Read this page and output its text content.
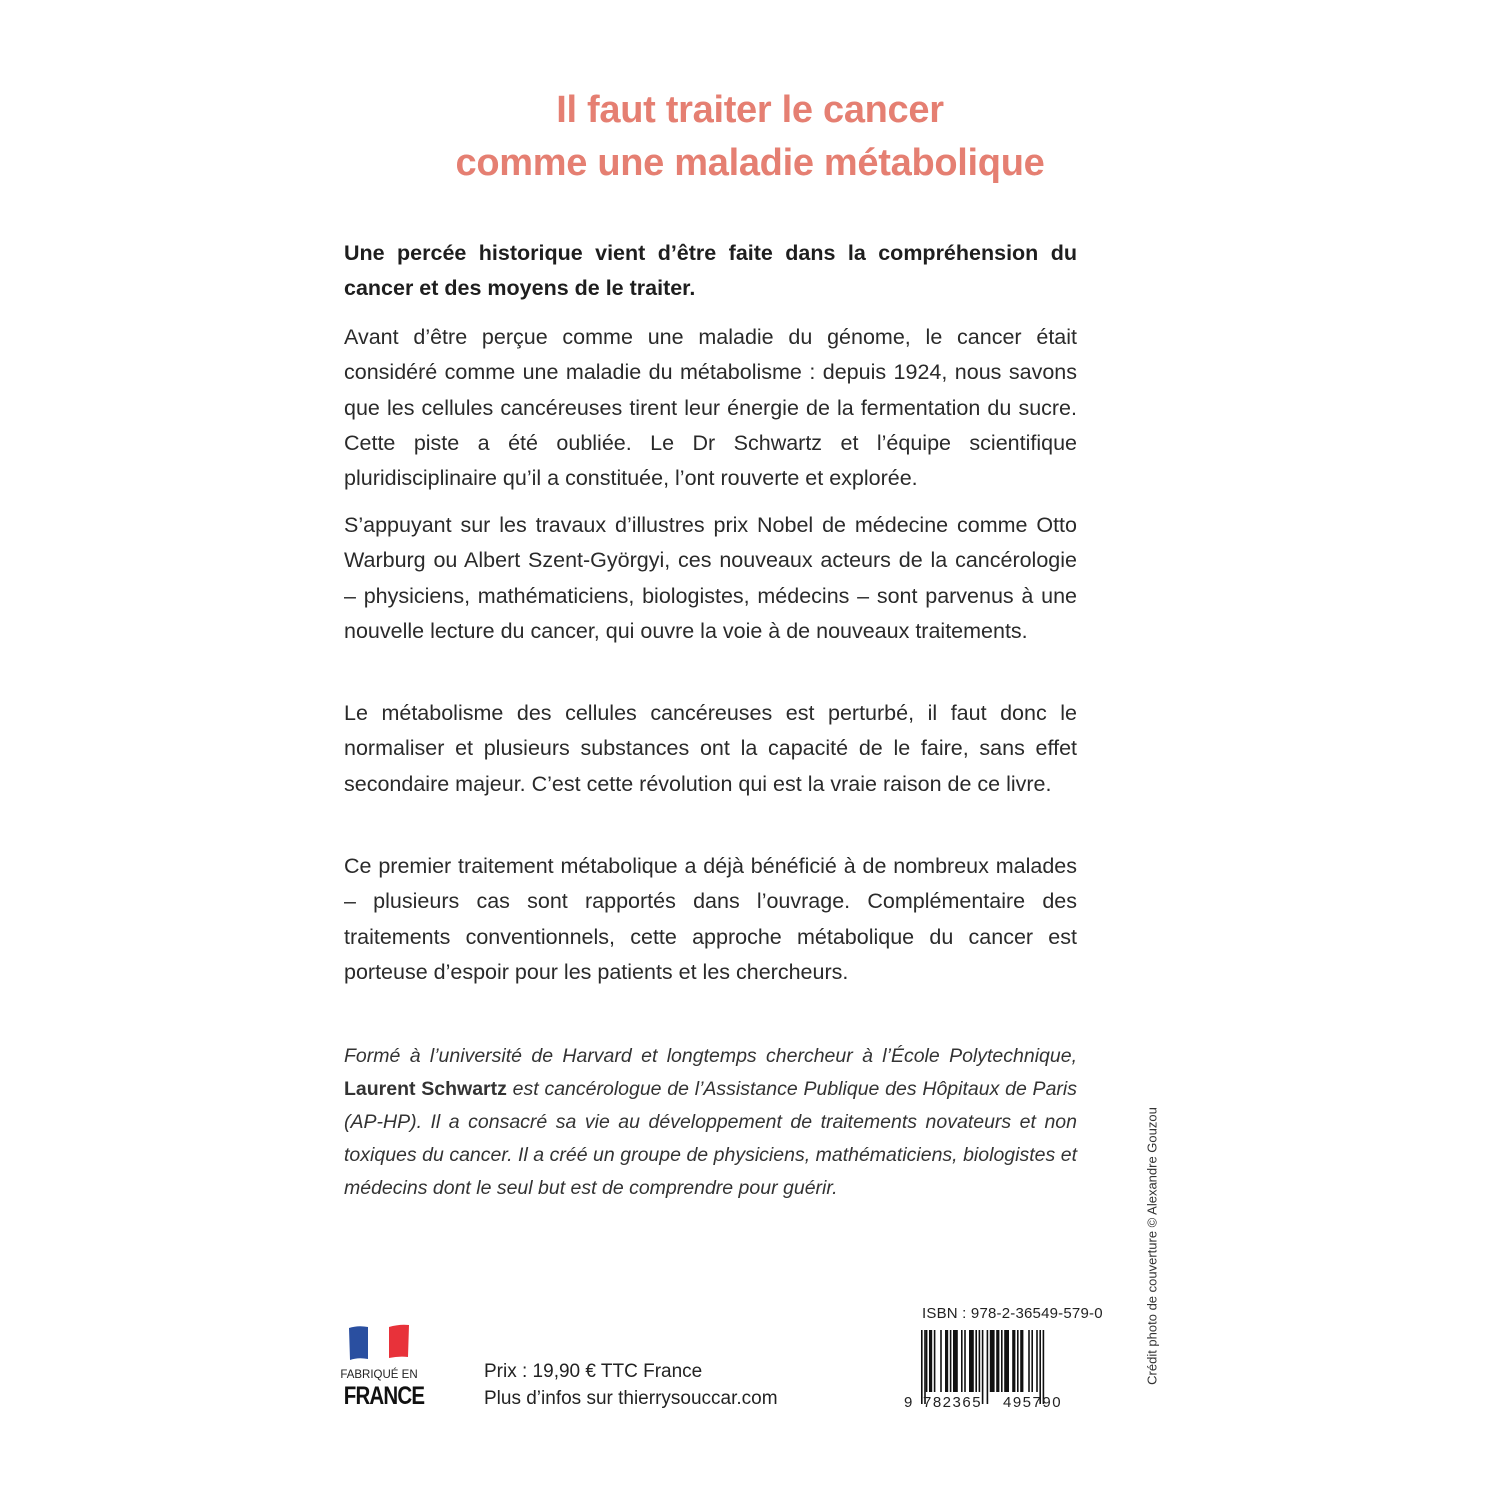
Il faut traiter le cancer
comme une maladie métabolique

Une percée historique vient d’être faite dans la compréhension du cancer et des moyens de le traiter.

Avant d’être perçue comme une maladie du génome, le cancer était considéré comme une maladie du métabolisme : depuis 1924, nous savons que les cellules cancéreuses tirent leur énergie de la fermentation du sucre. Cette piste a été oubliée. Le Dr Schwartz et l’équipe scientifique pluridisciplinaire qu’il a constituée, l’ont rouverte et explorée.

S’appuyant sur les travaux d’illustres prix Nobel de médecine comme Otto Warburg ou Albert Szent-Györgyi, ces nouveaux acteurs de la cancérologie – physiciens, mathématiciens, biologistes, médecins – sont parvenus à une nouvelle lecture du cancer, qui ouvre la voie à de nouveaux traitements.

Le métabolisme des cellules cancéreuses est perturbé, il faut donc le normaliser et plusieurs substances ont la capacité de le faire, sans effet secondaire majeur. C’est cette révolution qui est la vraie raison de ce livre.

Ce premier traitement métabolique a déjà bénéficié à de nombreux malades – plusieurs cas sont rapportés dans l’ouvrage. Complémentaire des traitements conventionnels, cette approche métabolique du cancer est porteuse d’espoir pour les patients et les chercheurs.

Formé à l’université de Harvard et longtemps chercheur à l’École Polytechnique, Laurent Schwartz est cancérologue de l’Assistance Publique des Hôpitaux de Paris (AP-HP). Il a consacré sa vie au développement de traitements novateurs et non toxiques du cancer. Il a créé un groupe de physiciens, mathématiciens, biologistes et médecins dont le seul but est de comprendre pour guérir.	Crédit photo de couverture © Alexandre Gouzou
FABRIQUÉ EN
FRANCE
Prix : 19,90 € TTC France
Plus d’infos sur thierrysouccar.com
ISBN : 978-2-36549-579-0
9 782365 495790
